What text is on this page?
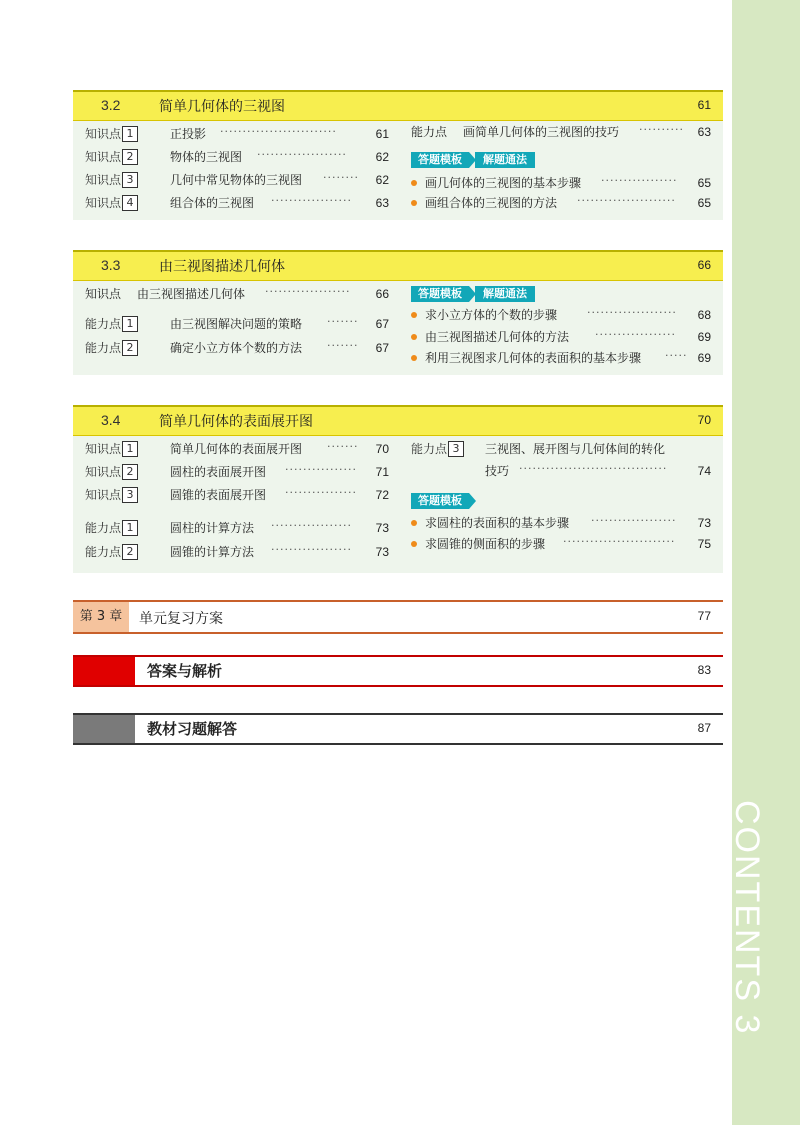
CONTENTS 3
3.2	简单几何体的三视图	61
知识点 1	正投影	··························	61
知识点 2	物体的三视图	····················	62
知识点 3	几何中常见物体的三视图	········	62
知识点 4	组合体的三视图	··················	63
能力点	画简单几何体的三视图的技巧	··········	63
答题模板	解题通法
画几何体的三视图的基本步骤	·················	65
画组合体的三视图的方法	······················	65
3.3	由三视图描述几何体	66
知识点	由三视图描述几何体	···················	66
能力点 1	由三视图解决问题的策略	·······	67
能力点 2	确定小立方体个数的方法	·······	67
答题模板	解题通法
求小立方体的个数的步骤	····················	68
由三视图描述几何体的方法	··················	69
利用三视图求几何体的表面积的基本步骤	····· 69
3.4	简单几何体的表面展开图	70
知识点 1	简单几何体的表面展开图	·······	70
知识点 2	圆柱的表面展开图	················	71
知识点 3	圆锥的表面展开图	················	72
能力点 1	圆柱的计算方法	··················	73
能力点 2	圆锥的计算方法	··················	73
能力点 3	三视图、展开图与几何体间的转化
技巧 ·································	74
答题模板
求圆柱的表面积的基本步骤	···················	73
求圆锥的侧面积的步骤	·························	75
第 3 章	单元复习方案	77
答案与解析	83
教材习题解答	87
